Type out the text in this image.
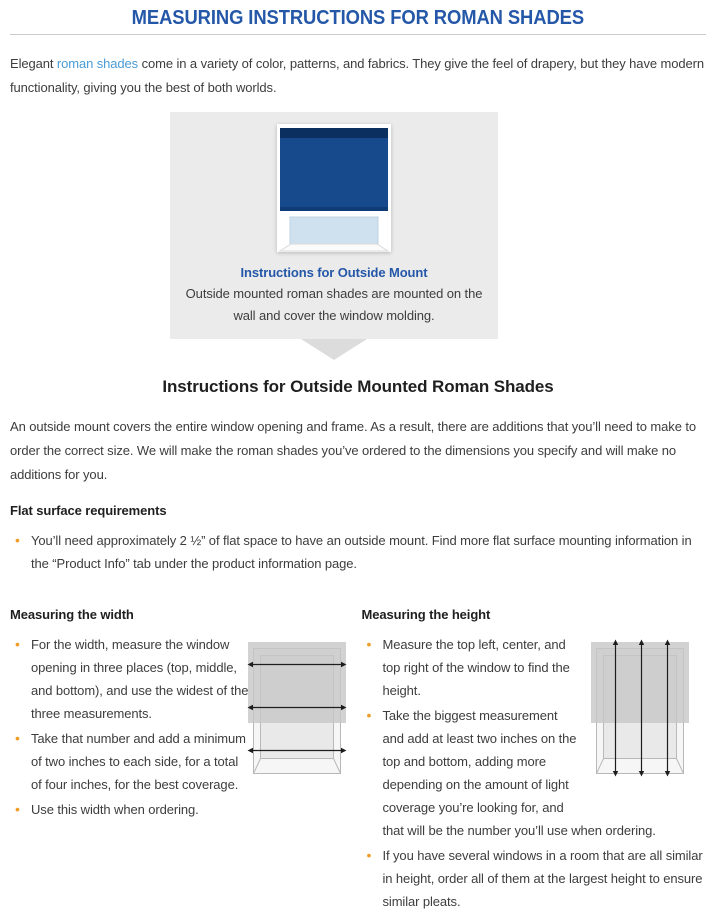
MEASURING INSTRUCTIONS FOR ROMAN SHADES

Elegant roman shades come in a variety of color, patterns, and fabrics. They give the feel of drapery, but they have modern functionality, giving you the best of both worlds.

Instructions for Outside Mount
Outside mounted roman shades are mounted on the wall and cover the window molding.
Instructions for Outside Mounted Roman Shades

An outside mount covers the entire window opening and frame. As a result, there are additions that you’ll need to make to order the correct size. We will make the roman shades you’ve ordered to the dimensions you specify and will make no additions for you.

Flat surface requirements
• You’ll need approximately 2 ½” of flat space to have an outside mount. Find more flat surface mounting information in the “Product Info” tab under the product information page.
Measuring the width
• For the width, measure the window opening in three places (top, middle, and bottom), and use the widest of the three measurements.
• Take that number and add a minimum of two inches to each side, for a total of four inches, for the best coverage.
• Use this width when ordering.
Measuring the height
• Measure the top left, center, and top right of the window to find the height.
• Take the biggest measurement and add at least two inches on the top and bottom, adding more depending on the amount of light coverage you’re looking for, and that will be the number you’ll use when ordering.
• If you have several windows in a room that are all similar in height, order all of them at the largest height to ensure similar pleats.
